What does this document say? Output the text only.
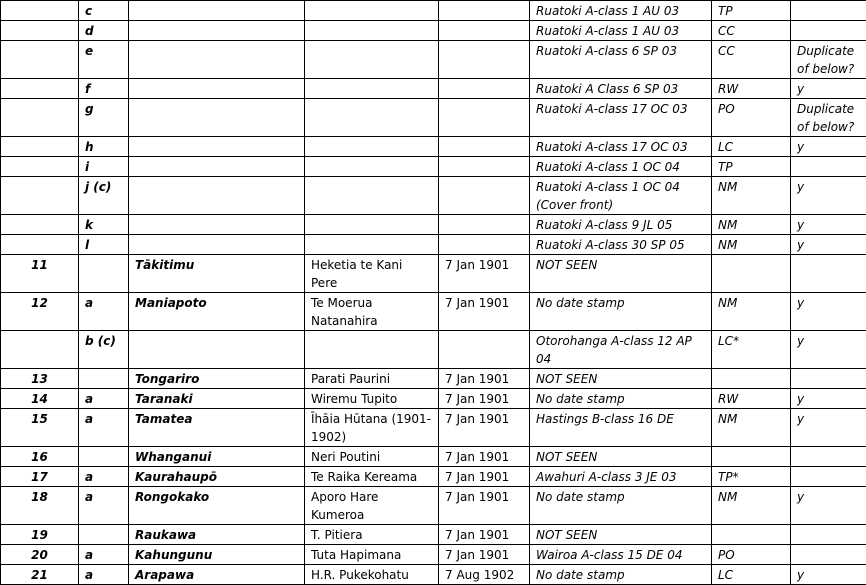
	c				Ruatoki A-class 1 AU 03	TP	
	d				Ruatoki A-class 1 AU 03	CC	
	e				Ruatoki A-class 6 SP 03	CC	Duplicate of below?
	f				Ruatoki A Class 6 SP 03	RW	y
	g				Ruatoki A-class 17 OC 03	PO	Duplicate of below?
	h				Ruatoki A-class 17 OC 03	LC	y
	i				Ruatoki A-class 1 OC 04	TP	
	j (c)				Ruatoki A-class 1 OC 04 (Cover front)	NM	y
	k				Ruatoki A-class 9 JL 05	NM	y
	l				Ruatoki A-class 30 SP 05	NM	y
11		Tākitimu	Heketia te Kani Pere	7 Jan 1901	NOT SEEN		
12	a	Maniapoto	Te Moerua Natanahira	7 Jan 1901	No date stamp	NM	y
	b (c)				Otorohanga A-class 12 AP 04	LC*	y
13		Tongariro	Parati Paurini	7 Jan 1901	NOT SEEN		
14	a	Taranaki	Wiremu Tupito	7 Jan 1901	No date stamp	RW	y
15	a	Tamatea	Īhāia Hūtana (1901-1902)	7 Jan 1901	Hastings B-class 16 DE	NM	y
16		Whanganui	Neri Poutini	7 Jan 1901	NOT SEEN		
17	a	Kaurahaupō	Te Raika Kereama	7 Jan 1901	Awahuri A-class 3 JE 03	TP*	
18	a	Rongokako	Aporo Hare Kumeroa	7 Jan 1901	No date stamp	NM	y
19		Raukawa	T. Pitiera	7 Jan 1901	NOT SEEN		
20	a	Kahungunu	Tuta Hapimana	7 Jan 1901	Wairoa A-class 15 DE 04	PO	
21	a	Arapawa	H.R. Pukekohatu	7 Aug 1902	No date stamp	LC	y
